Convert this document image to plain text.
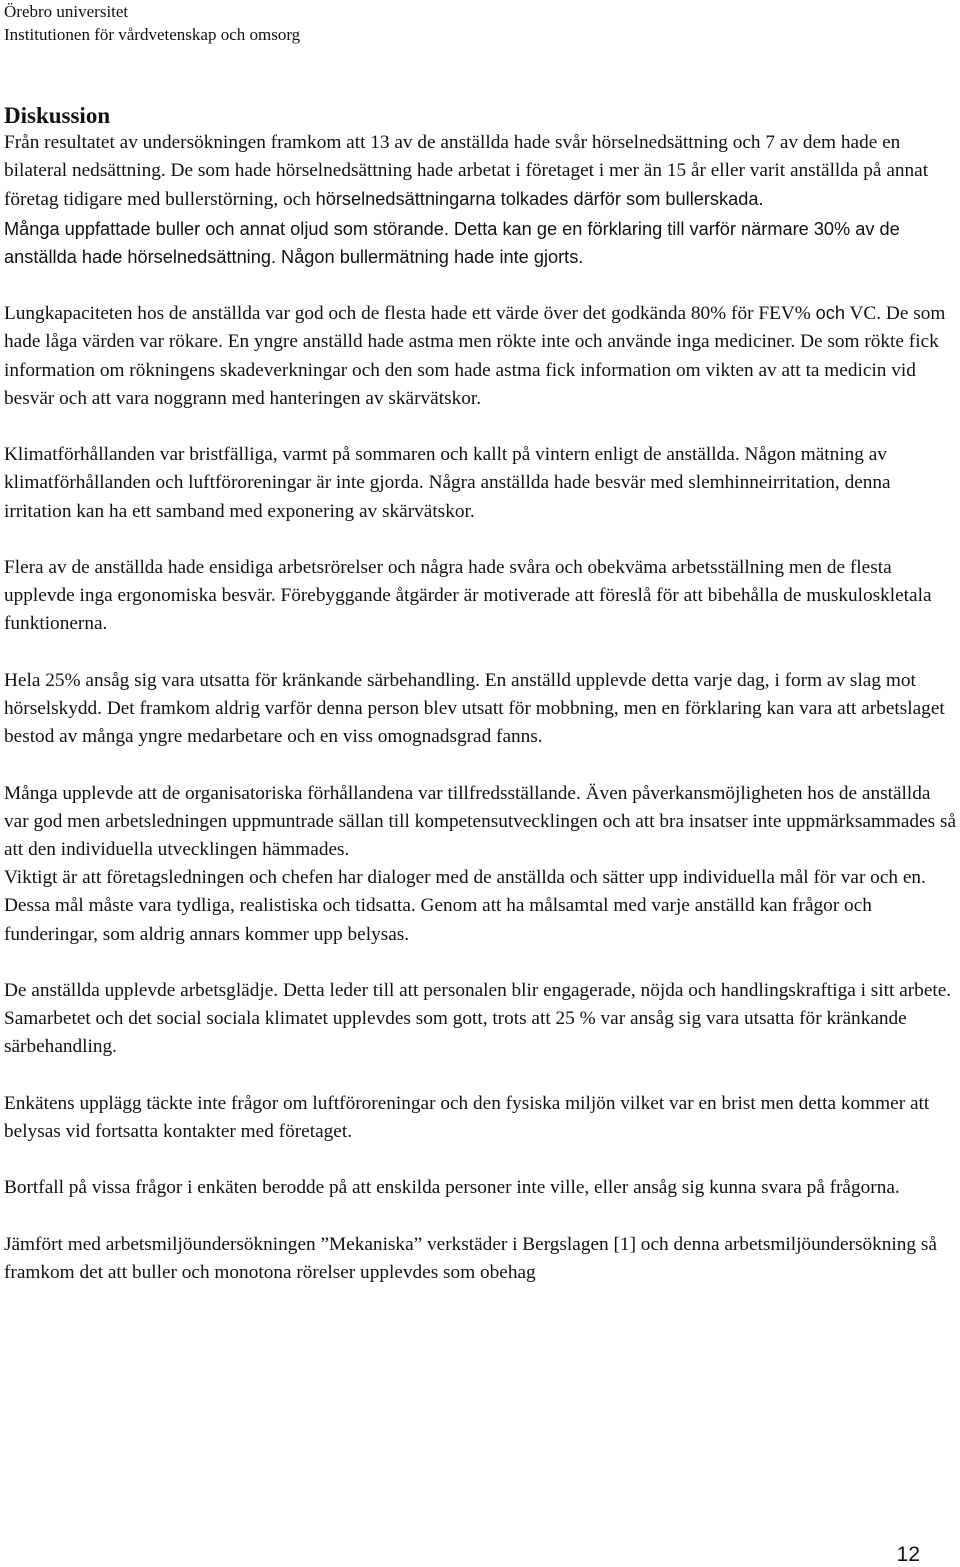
Örebro universitet
Institutionen för vårdvetenskap och omsorg
Diskussion

Från resultatet av undersökningen framkom att 13 av de anställda hade svår hörselnedsättning och 7 av dem hade en bilateral nedsättning. De som hade hörselnedsättning hade arbetat i företaget i mer än 15 år eller varit anställda på annat företag tidigare med bullerstörning, och hörselnedsättningarna tolkades därför som bullerskada.

Många uppfattade buller och annat oljud som störande. Detta kan ge en förklaring till varför närmare 30% av de anställda hade hörselnedsättning. Någon bullermätning hade inte gjorts.

Lungkapaciteten hos de anställda var god och de flesta hade ett värde över det godkända 80% för FEV% och VC. De som hade låga värden var rökare. En yngre anställd hade astma men rökte inte och använde inga mediciner. De som rökte fick information om rökningens skadeverkningar och den som hade astma fick information om vikten av att ta medicin vid besvär och att vara noggrann med hanteringen av skärvätskor.

Klimatförhållanden var bristfälliga, varmt på sommaren och kallt på vintern enligt de anställda. Någon mätning av klimatförhållanden och luftföroreningar är inte gjorda. Några anställda hade besvär med slemhinneirritation, denna irritation kan ha ett samband med exponering av skärvätskor.

Flera av de anställda hade ensidiga arbetsrörelser och några hade svåra och obekväma arbetsställning men de flesta upplevde inga ergonomiska besvär. Förebyggande åtgärder är motiverade att föreslå för att bibehålla de muskuloskletala funktionerna.

Hela 25% ansåg sig vara utsatta för kränkande särbehandling. En anställd upplevde detta varje dag, i form av slag mot hörselskydd. Det framkom aldrig varför denna person blev utsatt för mobbning, men en förklaring kan vara att arbetslaget bestod av många yngre medarbetare och en viss omognadsgrad fanns.

Många upplevde att de organisatoriska förhållandena var tillfredsställande. Även påverkansmöjligheten hos de anställda var god men arbetsledningen uppmuntrade sällan till kompetensutvecklingen och att bra insatser inte uppmärksammades så att den individuella utvecklingen hämmades.

Viktigt är att företagsledningen och chefen har dialoger med de anställda och sätter upp individuella mål för var och en. Dessa mål måste vara tydliga, realistiska och tidsatta. Genom att ha målsamtal med varje anställd kan frågor och funderingar, som aldrig annars kommer upp belysas.

De anställda upplevde arbetsglädje. Detta leder till att personalen blir engagerade, nöjda och handlingskraftiga i sitt arbete. Samarbetet och det social sociala klimatet upplevdes som gott, trots att 25 % var ansåg sig vara utsatta för kränkande särbehandling.

Enkätens upplägg täckte inte frågor om luftföroreningar och den fysiska miljön vilket var en brist men detta kommer att belysas vid fortsatta kontakter med företaget.

Bortfall på vissa frågor i enkäten berodde på att enskilda personer inte ville, eller ansåg sig kunna svara på frågorna.

Jämfört med arbetsmiljöundersökningen ”Mekaniska” verkstäder i Bergslagen [1] och denna arbetsmiljöundersökning så framkom det att buller och monotona rörelser upplevdes som obehag

12
